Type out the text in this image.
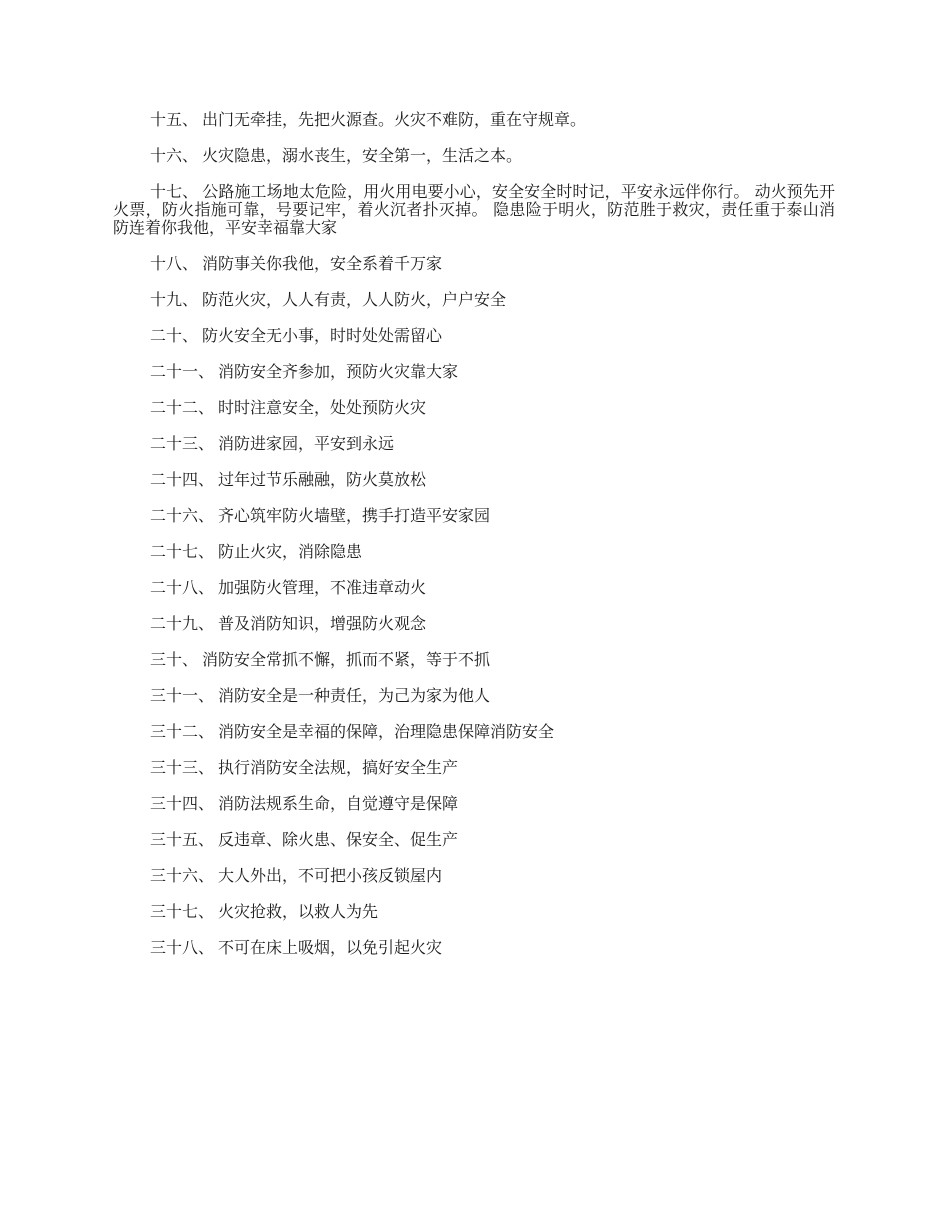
十五、 出门无牵挂，先把火源查。火灾不难防，重在守规章。

十六、 火灾隐患，溺水丧生，安全第一，生活之本。

十七、 公路施工场地太危险，用火用电要小心，安全安全时时记，平安永远伴你行。 动火预先开火票，防火指施可靠，号要记牢，着火沉者扑灭掉。 隐患险于明火，防范胜于救灾，责任重于泰山消防连着你我他，平安幸福靠大家

十八、 消防事关你我他，安全系着千万家

十九、 防范火灾，人人有责，人人防火，户户安全

二十、 防火安全无小事，时时处处需留心

二十一、 消防安全齐参加，预防火灾靠大家

二十二、 时时注意安全，处处预防火灾

二十三、 消防进家园，平安到永远

二十四、 过年过节乐融融，防火莫放松

二十六、 齐心筑牢防火墙壁，携手打造平安家园

二十七、 防止火灾，消除隐患

二十八、 加强防火管理，不准违章动火

二十九、 普及消防知识，增强防火观念

三十、 消防安全常抓不懈，抓而不紧，等于不抓

三十一、 消防安全是一种责任，为己为家为他人

三十二、 消防安全是幸福的保障，治理隐患保障消防安全

三十三、 执行消防安全法规，搞好安全生产

三十四、 消防法规系生命，自觉遵守是保障

三十五、 反违章、除火患、保安全、促生产

三十六、 大人外出，不可把小孩反锁屋内

三十七、 火灾抢救，以救人为先

三十八、 不可在床上吸烟，以免引起火灾
